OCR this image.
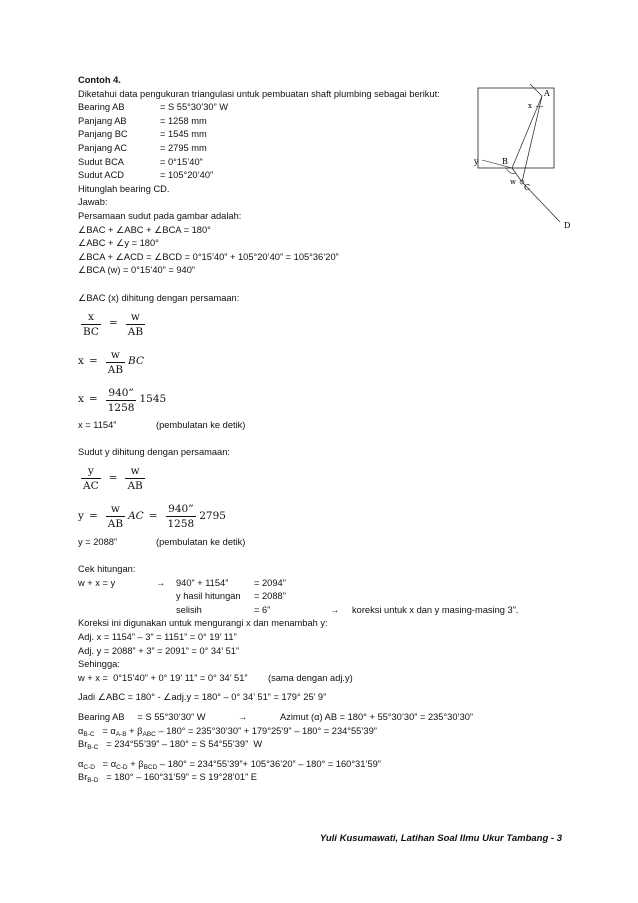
A
B
C
D
x
y
w
Contoh 4.
Diketahui data pengukuran triangulasi untuk pembuatan shaft plumbing sebagai berikut:
Bearing AB	= S 55°30’30” W
Panjang AB	= 1258 mm
Panjang BC	= 1545 mm
Panjang AC	= 2795 mm
Sudut BCA	= 0°15’40”
Sudut ACD	= 105°20’40”
Hitunglah bearing CD.
Jawab:
Persamaan sudut pada gambar adalah:
∠BAC + ∠ABC + ∠BCA = 180°
∠ABC + ∠y = 180°
∠BCA + ∠ACD = ∠BCD = 0°15’40” + 105°20’40” = 105°36’20”
∠BCA (w) = 0°15’40” = 940”
∠BAC (x) dihitung dengan persamaan:
$\frac{x}{BC} = \frac{w}{AB}$
$x = \frac{w}{AB}$ BC
$x = \frac{940”}{1258} 1545$
x = 1154”	(pembulatan ke detik)
Sudut y dihitung dengan persamaan:
$\frac{y}{AC} = \frac{w}{AB}$
$y = \frac{w}{AB}$ AC = $\frac{940”}{1258} 2795$
y = 2088”	(pembulatan ke detik)
Cek hitungan:
w + x = y	→	940” + 1154”	= 2094”
y hasil hitungan	= 2088”
selisih	= 6”	→	koreksi untuk x dan y masing-masing 3”.
Koreksi ini digunakan untuk mengurangi x dan menambah y:
Adj. x = 1154” – 3” = 1151” = 0° 19’ 11”
Adj. y = 2088” + 3” = 2091” = 0° 34’ 51”
Sehingga:
w + x =  0°15’40” + 0° 19’ 11” = 0° 34’ 51”	(sama dengan adj.y)
Jadi ∠ABC = 180° - ∠adj.y = 180° – 0° 34’ 51” = 179° 25’ 9”
Bearing AB     = S 55°30’30” W	→	Azimut (α) AB = 180° + 55°30’30” = 235°30’30”
$\alpha_{B-C} = \alpha_{A-B} + \beta_{ABC} - 180^\circ$ = 235°30’30” + 179°25’9” – 180° = 234°55’39”
$Br_{B-C}$   = 234°55’39” – 180° = S 54°55’39”  W
$\alpha_{C-D} = \alpha_{C-D} + \beta_{BCD} - 180^\circ$ = 234°55’39”+ 105°36’20” – 180° = 160°31’59”
$Br_{B-D} = 180^\circ$ – 160°31’59” = S 19°28’01” E
Yuli Kusumawati, Latihan Soal Ilmu Ukur Tambang - 3
